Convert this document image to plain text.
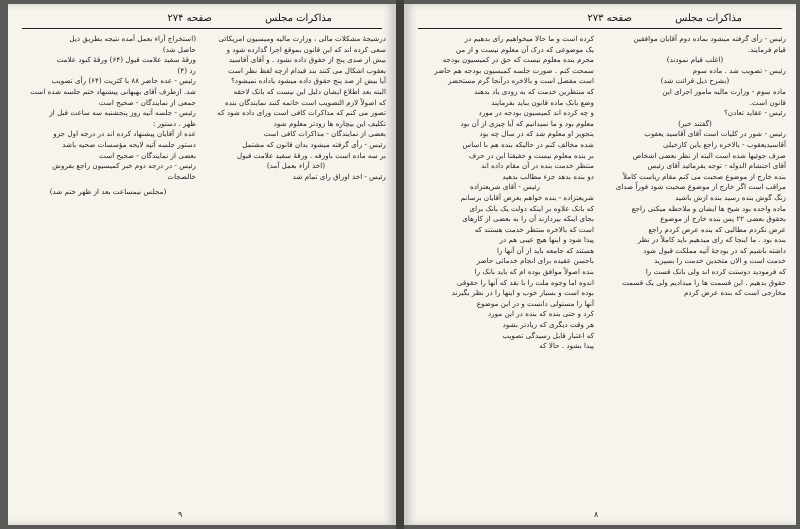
مذاکرات مجلس
صفحه ۲۷۴

درشیجهٔ مشکلات مالی ، وزارت مالیه ومیسیون امریکائی

سعی کرده اند که این قانون بموقع اجرا گذارده شود و

بیش از صدی پنج از حقوق داده نشود . و آقای آقاسید

یعقوب اشکال می کنند بند قیدام ازچه لفظ نظر است

آیا بیش از صد پنج حقوق داده میشود یاداده نمیشود؟

البته بعد اطلاع ایشان دلیل این نیست که بانک لاحقه

که اصولاً لازم التصویب است خاتمه کنند نمایندگان بنده

تصور می کنم که مذاکرات کافی است ورای داده شود که

تکلیف این بیچاره ها زودتر معلوم شود

بعضی از نمایندگان - مذاکرات کافی است

رئیس - رأی گرفته میشود بدان قانون که مشتمل

بر سه ماده است باورقه . ورقهٔ سفید علامت قبول

(اخذ آراء بعمل آمد)

رئیس - اخذ اوراق رای تمام شد

(استخراج آراء بعمل آمده نتیجه بطریق ذیل

حاصل شد)

ورقهٔ سفید علامت قبول (۶۴) ورقهٔ کبود علامت

رد (۴)

رئیس - عده حاضر ۸۸ با کثریت (۶۴) رأی تصویب

شد. ازطرف آقای بهبهانی پیشنهاد ختم جلسه شده است

جمعی از نمایندگان - صحیح است

رئیس - جلسه آتیه روز پنجشنبه سه ساعت قبل از

ظهر . دستور :

عده از آقایان پیشنهاد کرده اند در درجه اول جزو

دستور جلسه آتیه لایحه مؤسسات صحیه باشد

بعضی از نمایندگان - صحیح است

رئیس - در درجه دوم خبر کمیسیون راجع بفروش

خالصجات

(مجلس نیمساعت بعد از ظهر ختم شد)

۹
مذاکرات مجلس
صفحه ۲۷۳

رئیس - رأی گرفته میشود بماده دوم آقایان موافقین

قیام فرمایند.

(اغلب قیام نمودند)

رئیس - تصویب شد . ماده سوم

(بشرح ذیل قرائت شد)

ماده سوم - وزارت مالیه مامور اجرای این

قانون است.

رئیس - عقاید تعادن؟

(گفتند خیر)

رئیس - شور در کلیات است آقای آقاسید یعقوب

آقاسیدیعقوب - بالاخره راجع باین کارخیلی

صرف جوئیها شده است البته از نظر بعضی اشخاص

آقای احتشام الدوله - توجه بفرمائید آقای رئیس

بنده خارج از موضوع صحبت می کنم مقام ریاست کاملاً

مراقب است اگر خارج از موضوع صحبت شود فوراً صدای

زنگ گوش بنده رسید بنده ازش باشید

ماده واحده بود شیخ ها ایشان و ملاحظه میکنی راجع

بحقوق بعضی ۲۲ پس بنده خارج از موضوع

عرض نکردم مطالبی که بنده عرض کردم راجع

بنده بود . ما اینجا که رای میدهیم باید کاملاً در نظر

داشته باشیم که در بودجهٔ آتیه مملکت قبول شود

خدمت است و الان متحدین خدمت را بسپرید

که فرمودید دوستت کرده اند ولی بانک قست را

حقوق بدهیم . این قسمت ها را میدادیم ولی یک قسمت

مخارجی است که بنده عرض کردم

کرده است و ما حالا میخواهیم رای بدهیم در

یک موضوعی که درک آن معلوم نیست و از من

محرم بنده معلوم نیست که حق در کمیسیون بودجه

سمحت کنم . صورت جلسه کمیسیون بودجه هم حاضر

است مفصل است و بالاخره درآنجا گرم مستحضر

که منتظرین خدمت که به زودی یاد بدهند

وضع بانک ماده قانون بباید بفرمایند

و چه کرده اند کمیسیون بودجه در مورد

معلوم بود و ما نمیدانیم که آیا چیزی از آن بود

بتجویز او معلوم شد که در سال چه بود

شده مخالف کنم در حالیکه بنده هم با اساس

بر بنده معلوم نیست و حقیقتا این در حرف

منتظر خدمت بنده در آن مقام داده اند

دو بنده بدهد جزء مطالب بدهید

رئیس - آقای شریعتزاده

شریعتزاده - بنده خواهم بعرض آقایان برسانم

که بانک علاوه بر اینکه دولت یک بانک برای

بجای اینکه بپردازند آن را به بعضی از کارهای

است که بالاخره منتظر خدمت هستند که

پیدا شود و اینها هیچ عیبی هم در

هستند که جامعه باید از آن آنها را

باحسن عقیده برای انجام خدماتی حاضر

بنده اصولاً موافق بوده ام که باید بانک را

اندوه اما وجوه ملت را با نقد که آنها را حقوقی

بوده است و بسیار خوب و اینها را در نظر بگیرند

آنها را مستولی دانست و در این موضوع

کرد و حتی بنده که بنده در این مورد

هر وقت دیگری که زیادتر بشود

که اعتبار قابل رسیدگی تصویب

پیدا بشود . حالا که

۸
